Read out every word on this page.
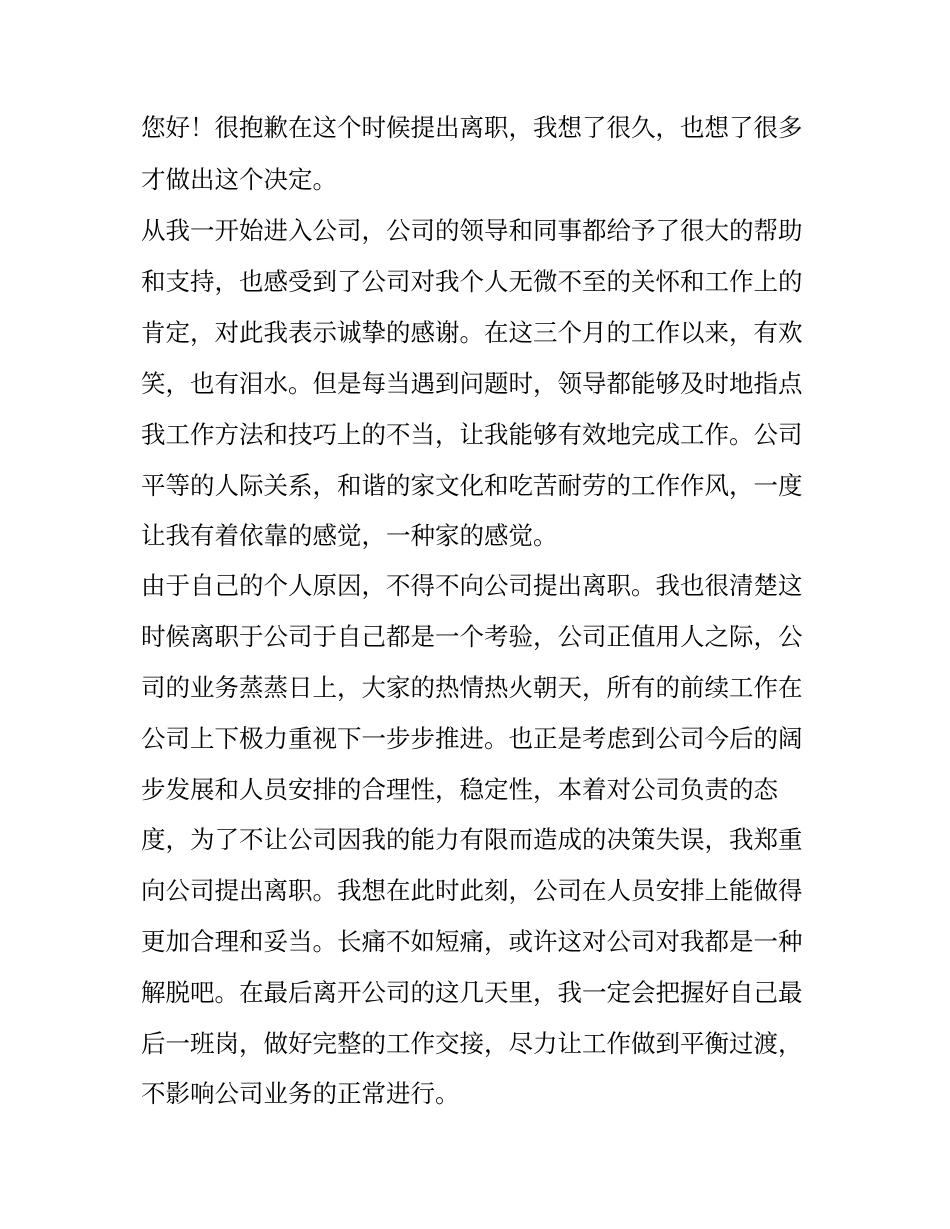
您好！很抱歉在这个时候提出离职，我想了很久，也想了很多

才做出这个决定。

从我一开始进入公司，公司的领导和同事都给予了很大的帮助

和支持，也感受到了公司对我个人无微不至的关怀和工作上的

肯定，对此我表示诚挚的感谢。在这三个月的工作以来，有欢

笑，也有泪水。但是每当遇到问题时，领导都能够及时地指点

我工作方法和技巧上的不当，让我能够有效地完成工作。公司

平等的人际关系，和谐的家文化和吃苦耐劳的工作作风，一度

让我有着依靠的感觉，一种家的感觉。

由于自己的个人原因，不得不向公司提出离职。我也很清楚这

时候离职于公司于自己都是一个考验，公司正值用人之际，公

司的业务蒸蒸日上，大家的热情热火朝天，所有的前续工作在

公司上下极力重视下一步步推进。也正是考虑到公司今后的阔

步发展和人员安排的合理性，稳定性，本着对公司负责的态

度，为了不让公司因我的能力有限而造成的决策失误，我郑重

向公司提出离职。我想在此时此刻，公司在人员安排上能做得

更加合理和妥当。长痛不如短痛，或许这对公司对我都是一种

解脱吧。在最后离开公司的这几天里，我一定会把握好自己最

后一班岗，做好完整的工作交接，尽力让工作做到平衡过渡，

不影响公司业务的正常进行。
